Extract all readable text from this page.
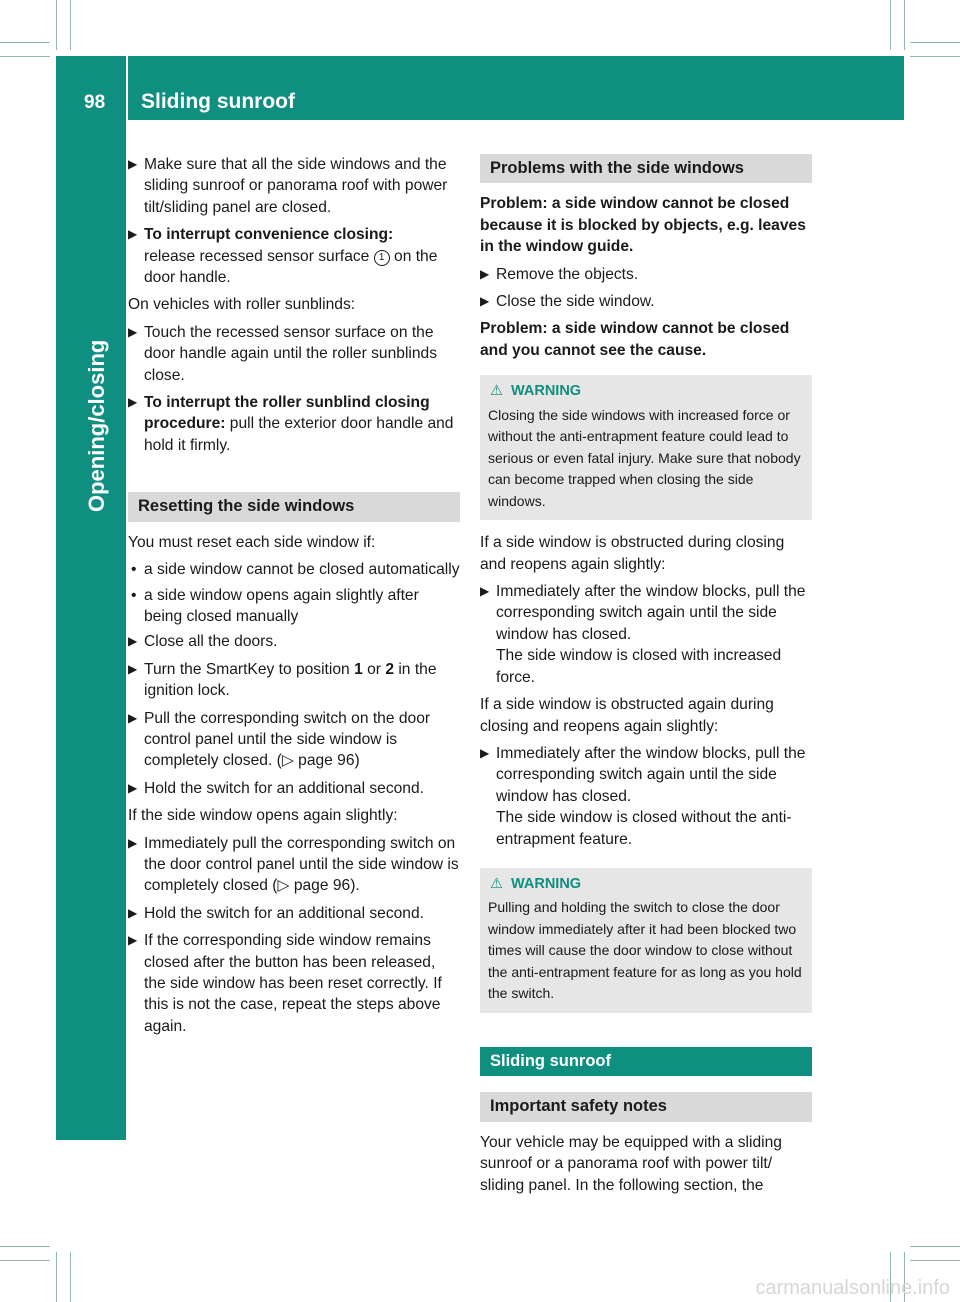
98 Sliding sunroof
Opening/closing
▶ Make sure that all the side windows and the sliding sunroof or panorama roof with power tilt/sliding panel are closed.
▶ To interrupt convenience closing:
release recessed sensor surface 1 on the door handle.
On vehicles with roller sunblinds:
▶ Touch the recessed sensor surface on the door handle again until the roller sunblinds close.
▶ To interrupt the roller sunblind closing procedure: pull the exterior door handle and hold it firmly.
Resetting the side windows
You must reset each side window if:
• a side window cannot be closed automatically
• a side window opens again slightly after being closed manually
▶ Close all the doors.
▶ Turn the SmartKey to position 1 or 2 in the ignition lock.
▶ Pull the corresponding switch on the door control panel until the side window is completely closed. (▷ page 96)
▶ Hold the switch for an additional second.
If the side window opens again slightly:
▶ Immediately pull the corresponding switch on the door control panel until the side window is completely closed (▷ page 96).
▶ Hold the switch for an additional second.
▶ If the corresponding side window remains closed after the button has been released, the side window has been reset correctly. If this is not the case, repeat the steps above again.
Problems with the side windows
Problem: a side window cannot be closed because it is blocked by objects, e.g. leaves in the window guide.
▶ Remove the objects.
▶ Close the side window.
Problem: a side window cannot be closed and you cannot see the cause.
⚠ WARNING
Closing the side windows with increased force or without the anti-entrapment feature could lead to serious or even fatal injury. Make sure that nobody can become trapped when closing the side windows.
If a side window is obstructed during closing and reopens again slightly:
▶ Immediately after the window blocks, pull the corresponding switch again until the side window has closed.
The side window is closed with increased force.
If a side window is obstructed again during closing and reopens again slightly:
▶ Immediately after the window blocks, pull the corresponding switch again until the side window has closed.
The side window is closed without the anti-entrapment feature.
⚠ WARNING
Pulling and holding the switch to close the door window immediately after it had been blocked two times will cause the door window to close without the anti-entrapment feature for as long as you hold the switch.
Sliding sunroof
Important safety notes
Your vehicle may be equipped with a sliding sunroof or a panorama roof with power tilt/ sliding panel. In the following section, the
carmanualsonline.info
